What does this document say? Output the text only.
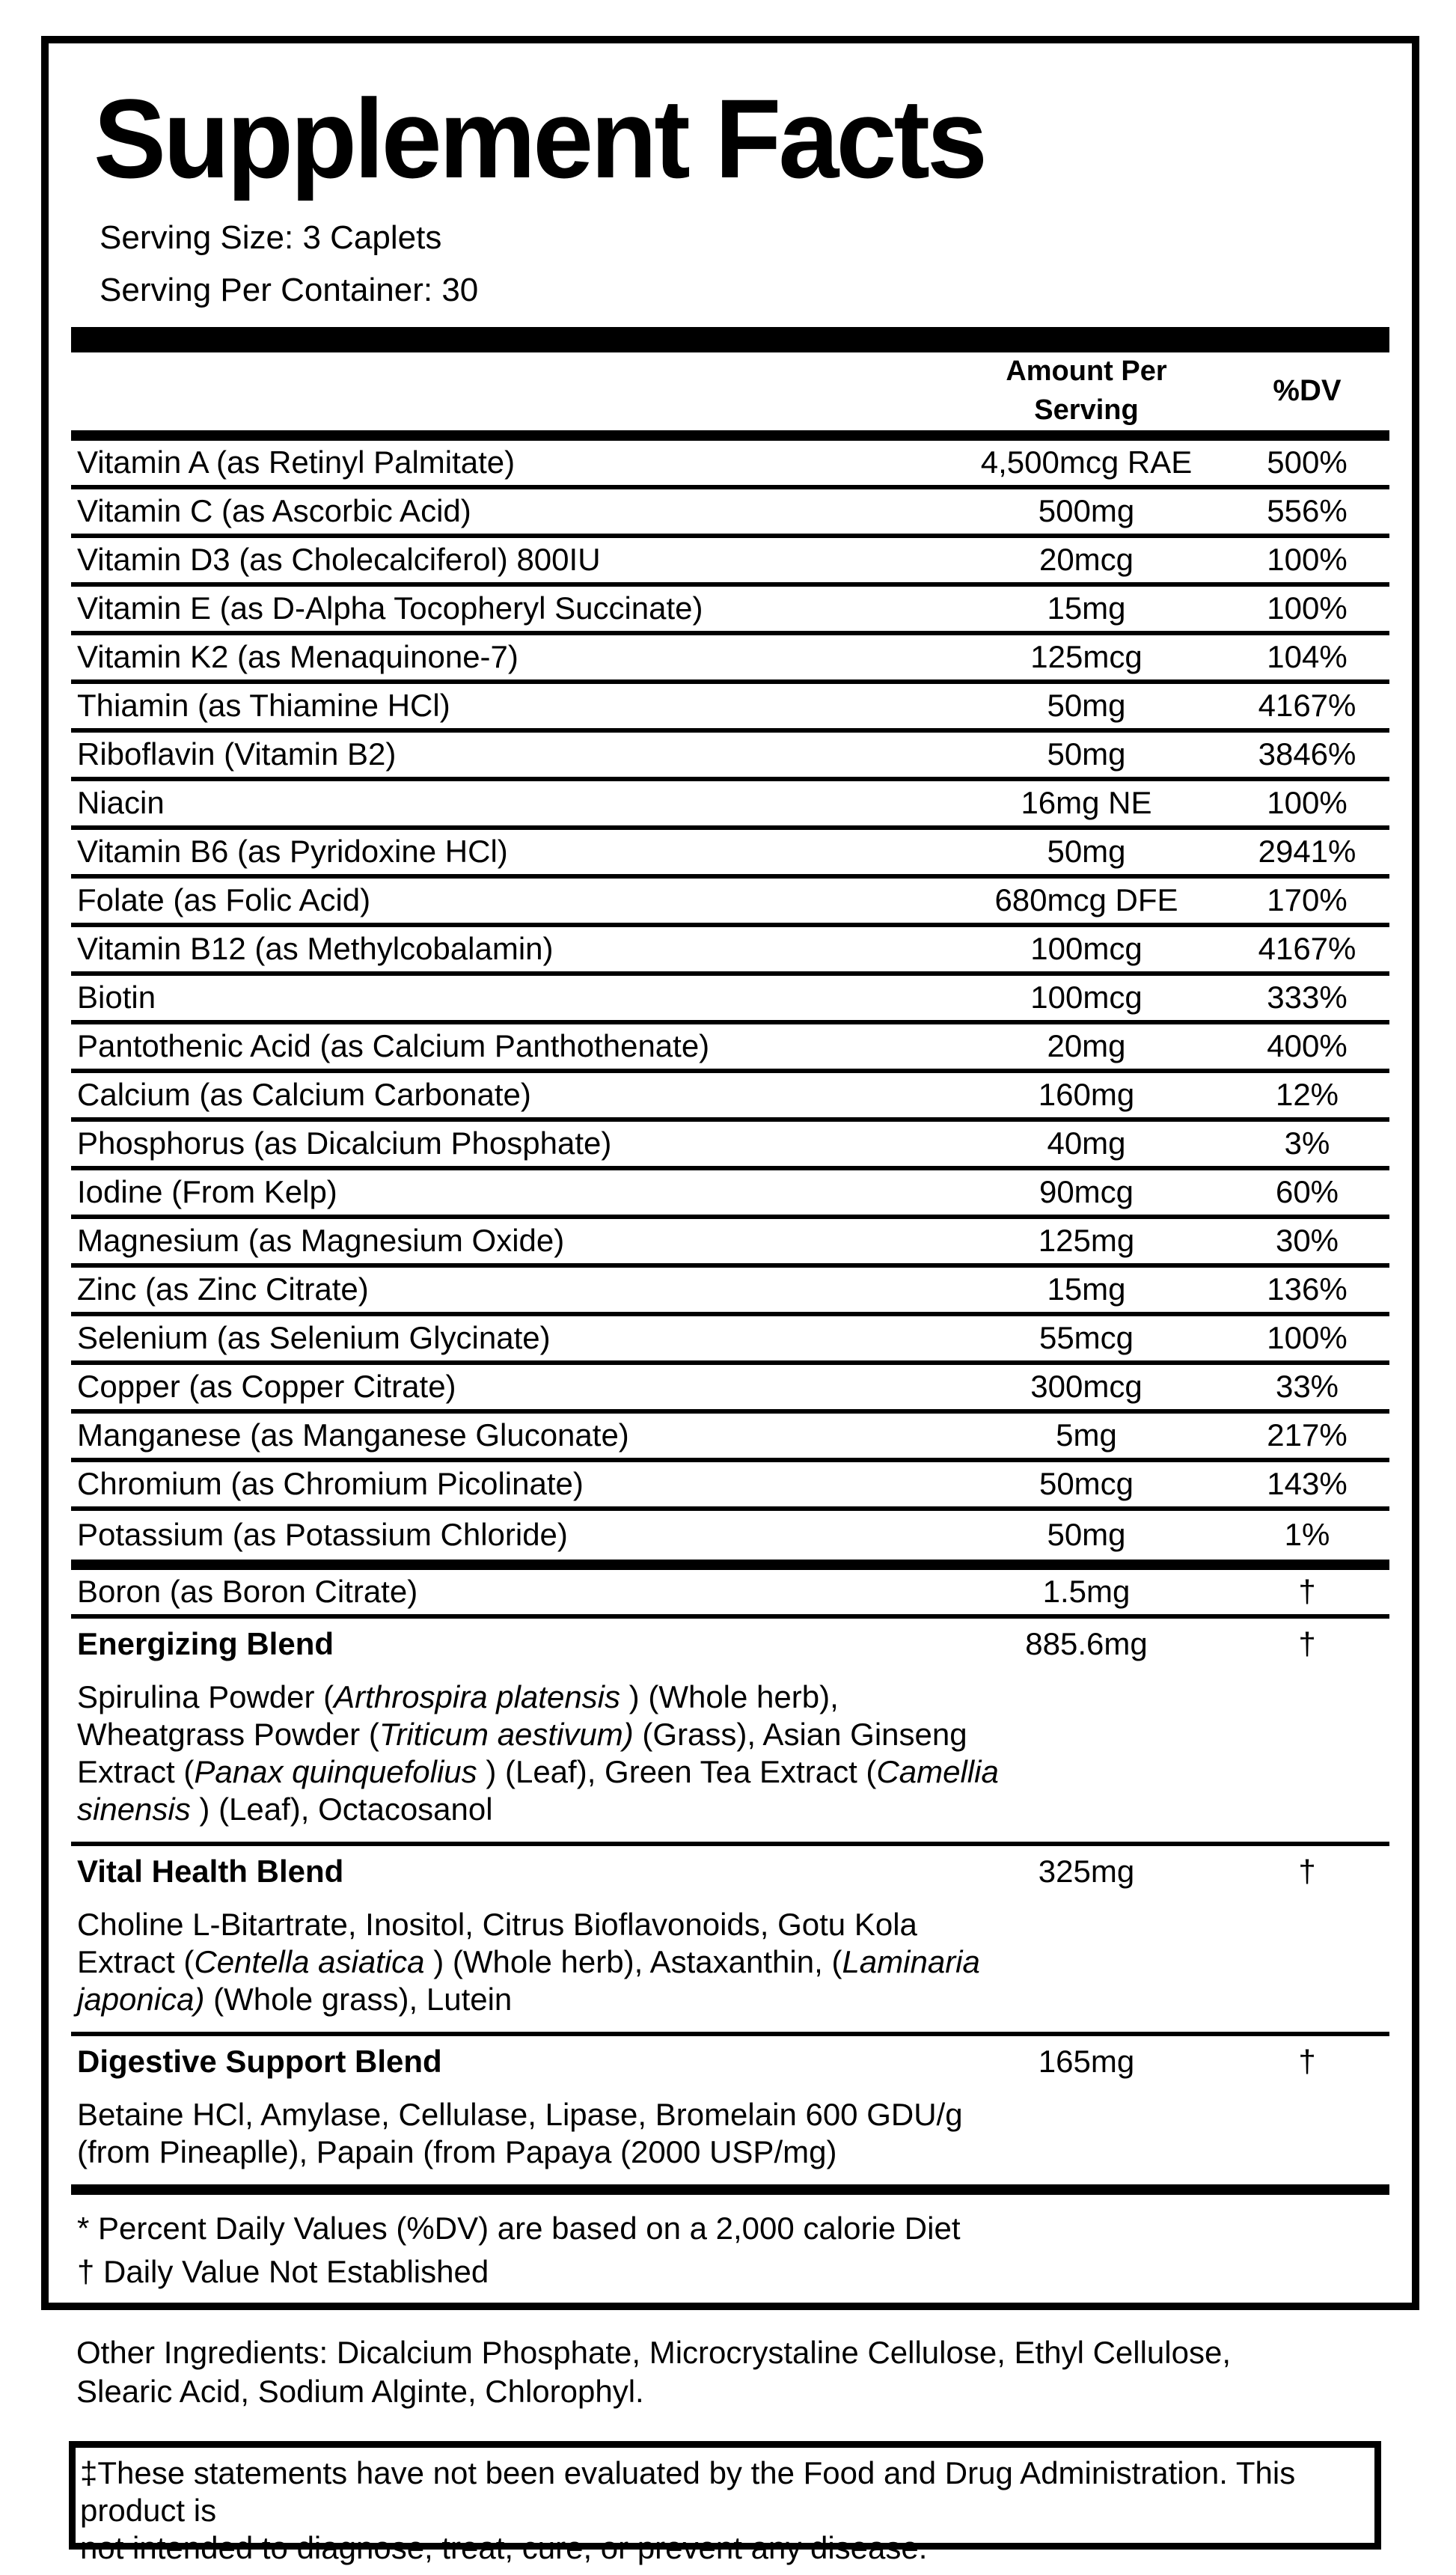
Supplement Facts
Serving Size: 3 Caplets
Serving Per Container: 30
Amount Per Serving
%DV
Vitamin A (as Retinyl Palmitate)	4,500mcg RAE	500%
Vitamin C (as Ascorbic Acid)	500mg	556%
Vitamin D3 (as Cholecalciferol) 800IU	20mcg	100%
Vitamin E (as D-Alpha Tocopheryl Succinate)	15mg	100%
Vitamin K2 (as Menaquinone-7)	125mcg	104%
Thiamin (as Thiamine HCl)	50mg	4167%
Riboflavin (Vitamin B2)	50mg	3846%
Niacin	16mg NE	100%
Vitamin B6 (as Pyridoxine HCl)	50mg	2941%
Folate (as Folic Acid)	680mcg DFE	170%
Vitamin B12 (as Methylcobalamin)	100mcg	4167%
Biotin	100mcg	333%
Pantothenic Acid (as Calcium Panthothenate)	20mg	400%
Calcium (as Calcium Carbonate)	160mg	12%
Phosphorus (as Dicalcium Phosphate)	40mg	3%
Iodine (From Kelp)	90mcg	60%
Magnesium (as Magnesium Oxide)	125mg	30%
Zinc (as Zinc Citrate)	15mg	136%
Selenium (as Selenium Glycinate)	55mcg	100%
Copper (as Copper Citrate)	300mcg	33%
Manganese (as Manganese Gluconate)	5mg	217%
Chromium (as Chromium Picolinate)	50mcg	143%
Potassium (as Potassium Chloride)	50mg	1%
Boron (as Boron Citrate)	1.5mg	†
Energizing Blend	885.6mg	†
Spirulina Powder (Arthrospira platensis ) (Whole herb),
Wheatgrass Powder (Triticum aestivum) (Grass), Asian Ginseng
Extract (Panax quinquefolius ) (Leaf), Green Tea Extract (Camellia
sinensis ) (Leaf), Octacosanol
Vital Health Blend	325mg	†
Choline L-Bitartrate, Inositol, Citrus Bioflavonoids, Gotu Kola
Extract (Centella asiatica ) (Whole herb), Astaxanthin, (Laminaria
japonica) (Whole grass), Lutein
Digestive Support Blend	165mg	†
Betaine HCl, Amylase, Cellulase, Lipase, Bromelain 600 GDU/g
(from Pineaplle), Papain (from Papaya (2000 USP/mg)
* Percent Daily Values (%DV) are based on a 2,000 calorie Diet
† Daily Value Not Established
Other Ingredients: Dicalcium Phosphate, Microcrystaline Cellulose, Ethyl Cellulose,
Slearic Acid, Sodium Alginte, Chlorophyl.
‡These statements have not been evaluated by the Food and Drug Administration. This product is
not intended to diagnose, treat, cure, or prevent any disease.
